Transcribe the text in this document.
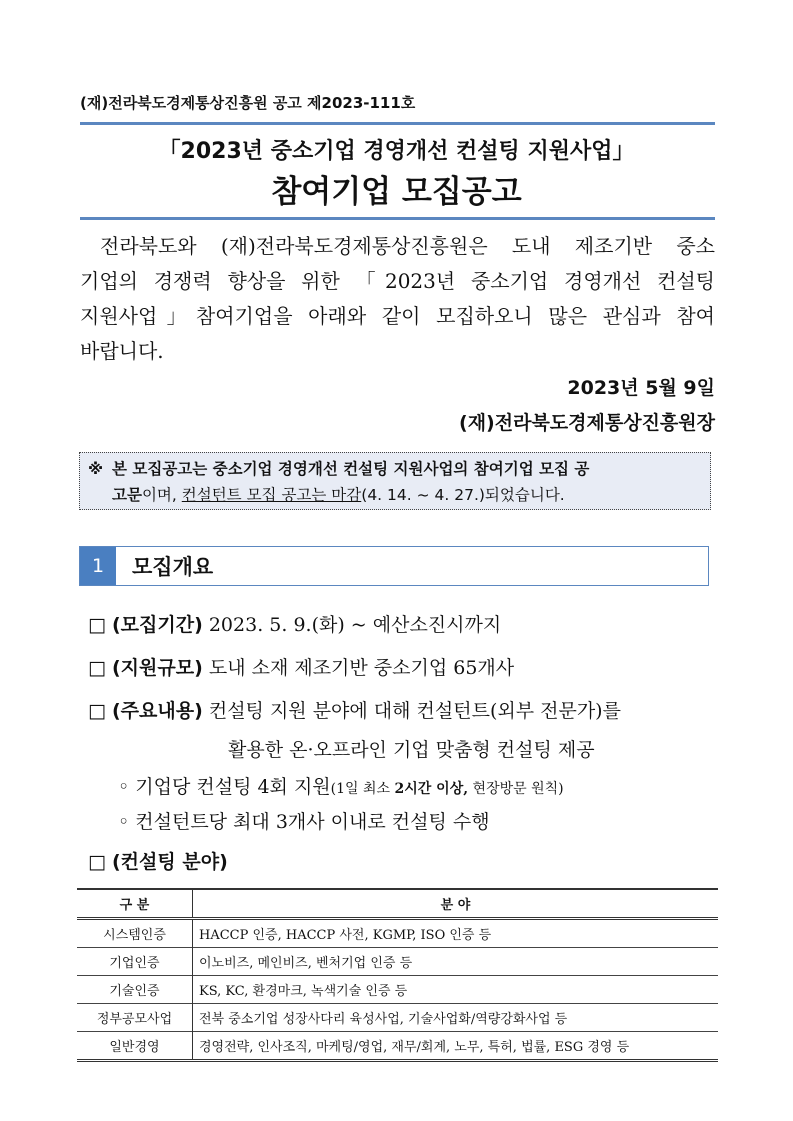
(재)전라북도경제통상진흥원 공고 제2023-111호
「2023년 중소기업 경영개선 컨설팅 지원사업」
참여기업 모집공고
전라북도와 (재)전라북도경제통상진흥원은 도내 제조기반 중소
기업의 경쟁력 향상을 위한 「2023년 중소기업 경영개선 컨설팅
지원사업」참여기업을 아래와 같이 모집하오니 많은 관심과 참여
바랍니다.
2023년 5월 9일
(재)전라북도경제통상진흥원장
※ 본 모집공고는 중소기업 경영개선 컨설팅 지원사업의 참여기업 모집 공
고문이며, 컨설턴트 모집 공고는 마감(4. 14. ~ 4. 27.)되었습니다.
1	모집개요
□ (모집기간) 2023. 5. 9.(화) ~ 예산소진시까지
□ (지원규모) 도내 소재 제조기반 중소기업 65개사
□ (주요내용) 컨설팅 지원 분야에 대해 컨설턴트(외부 전문가)를
활용한 온·오프라인 기업 맞춤형 컨설팅 제공
◦ 기업당 컨설팅 4회 지원(1일 최소 2시간 이상, 현장방문 원칙)
◦ 컨설턴트당 최대 3개사 이내로 컨설팅 수행
□ (컨설팅 분야)
구 분	분 야
시스템인증	HACCP 인증, HACCP 사전, KGMP, ISO 인증 등
기업인증	이노비즈, 메인비즈, 벤처기업 인증 등
기술인증	KS, KC, 환경마크, 녹색기술 인증 등
정부공모사업	전북 중소기업 성장사다리 육성사업, 기술사업화/역량강화사업 등
일반경영	경영전략, 인사조직, 마케팅/영업, 재무/회계, 노무, 특허, 법률, ESG 경영 등
